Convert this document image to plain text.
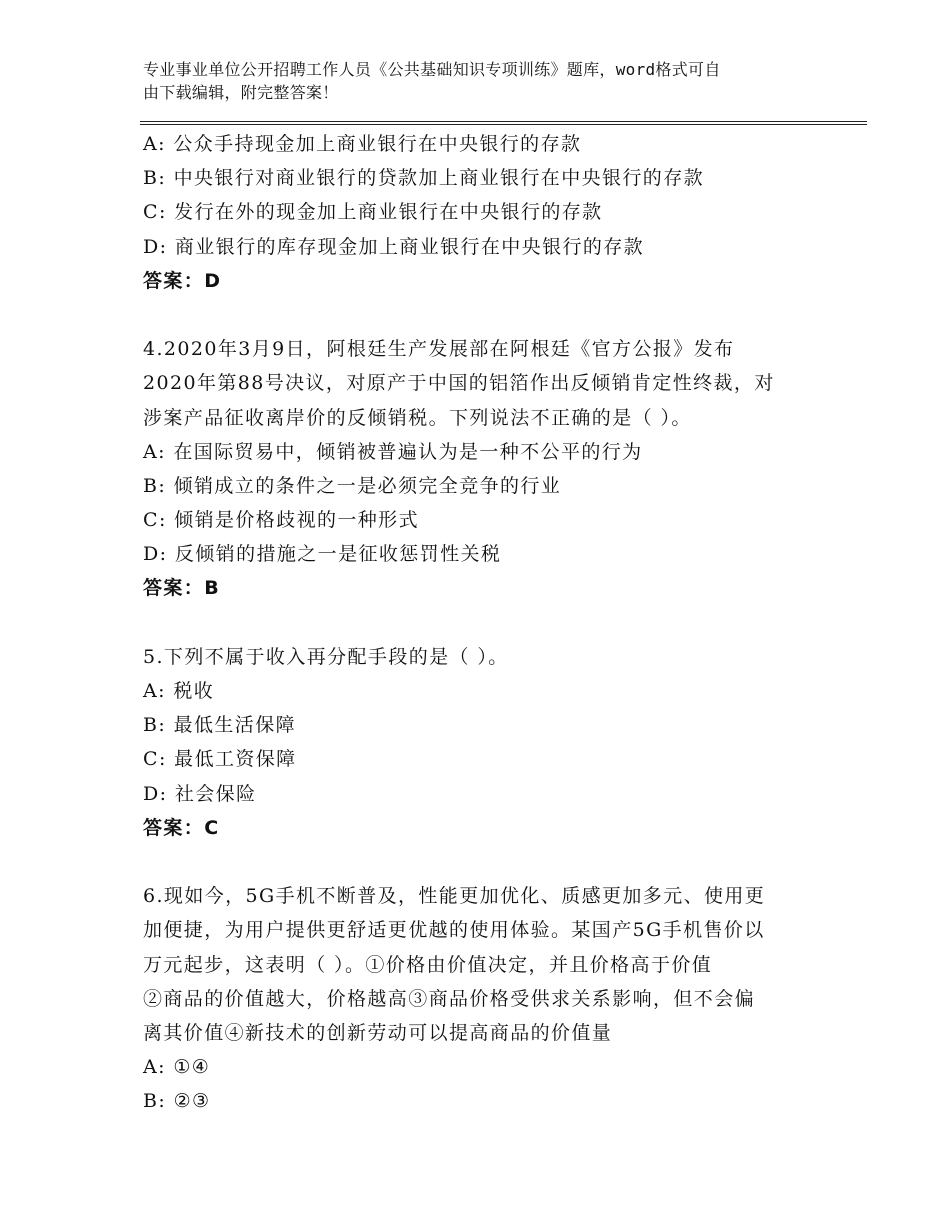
专业事业单位公开招聘工作人员《公共基础知识专项训练》题库，word格式可自
由下载编辑，附完整答案！
A: 公众手持现金加上商业银行在中央银行的存款
B: 中央银行对商业银行的贷款加上商业银行在中央银行的存款
C: 发行在外的现金加上商业银行在中央银行的存款
D: 商业银行的库存现金加上商业银行在中央银行的存款
答案：D
4.2020年3月9日，阿根廷生产发展部在阿根廷《官方公报》发布
2020年第88号决议，对原产于中国的铝箔作出反倾销肯定性终裁，对
涉案产品征收离岸价的反倾销税。下列说法不正确的是（ ）。
A: 在国际贸易中，倾销被普遍认为是一种不公平的行为
B: 倾销成立的条件之一是必须完全竞争的行业
C: 倾销是价格歧视的一种形式
D: 反倾销的措施之一是征收惩罚性关税
答案：B
5.下列不属于收入再分配手段的是（ ）。
A: 税收
B: 最低生活保障
C: 最低工资保障
D: 社会保险
答案：C
6.现如今，5G手机不断普及，性能更加优化、质感更加多元、使用更
加便捷，为用户提供更舒适更优越的使用体验。某国产5G手机售价以
万元起步，这表明（ ）。①价格由价值决定，并且价格高于价值
②商品的价值越大，价格越高③商品价格受供求关系影响，但不会偏
离其价值④新技术的创新劳动可以提高商品的价值量
A: ①④
B: ②③
